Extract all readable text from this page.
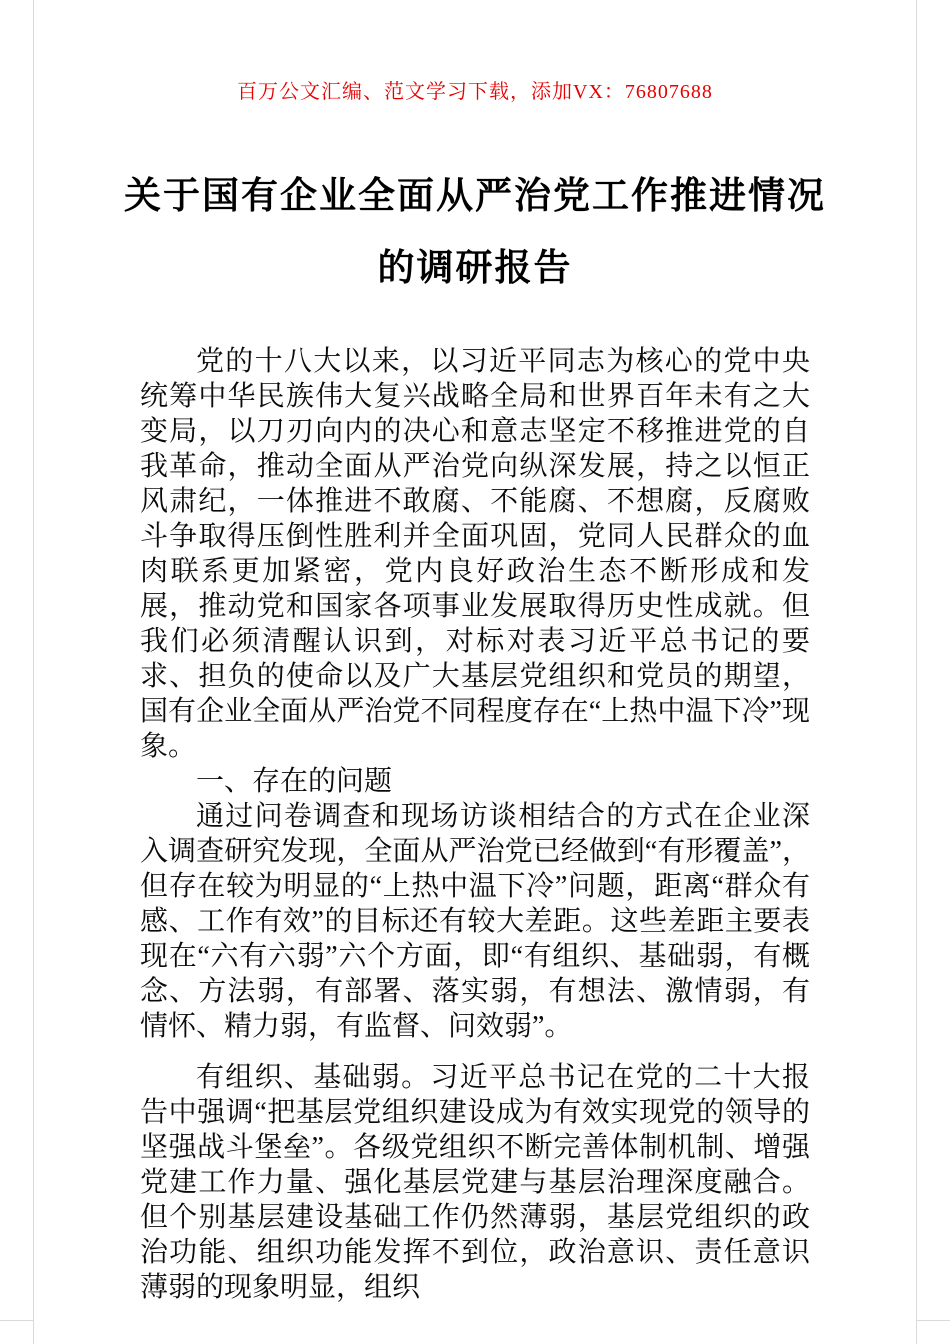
百万公文汇编、范文学习下载，添加VX：76807688
关于国有企业全面从严治党工作推进情况
的调研报告

党的十八大以来，以习近平同志为核心的党中央统筹中华民族伟大复兴战略全局和世界百年未有之大变局，以刀刃向内的决心和意志坚定不移推进党的自我革命，推动全面从严治党向纵深发展，持之以恒正风肃纪，一体推进不敢腐、不能腐、不想腐，反腐败斗争取得压倒性胜利并全面巩固，党同人民群众的血肉联系更加紧密，党内良好政治生态不断形成和发展，推动党和国家各项事业发展取得历史性成就。但我们必须清醒认识到，对标对表习近平总书记的要求、担负的使命以及广大基层党组织和党员的期望，国有企业全面从严治党不同程度存在“上热中温下冷”现象。

一、存在的问题

通过问卷调查和现场访谈相结合的方式在企业深入调查研究发现，全面从严治党已经做到“有形覆盖”，但存在较为明显的“上热中温下冷”问题，距离“群众有感、工作有效”的目标还有较大差距。这些差距主要表现在“六有六弱”六个方面，即“有组织、基础弱，有概念、方法弱，有部署、落实弱，有想法、激情弱，有情怀、精力弱，有监督、问效弱”。

有组织、基础弱。习近平总书记在党的二十大报告中强调“把基层党组织建设成为有效实现党的领导的坚强战斗堡垒”。各级党组织不断完善体制机制、增强党建工作力量、强化基层党建与基层治理深度融合。但个别基层建设基础工作仍然薄弱，基层党组织的政治功能、组织功能发挥不到位，政治意识、责任意识薄弱的现象明显，组织
